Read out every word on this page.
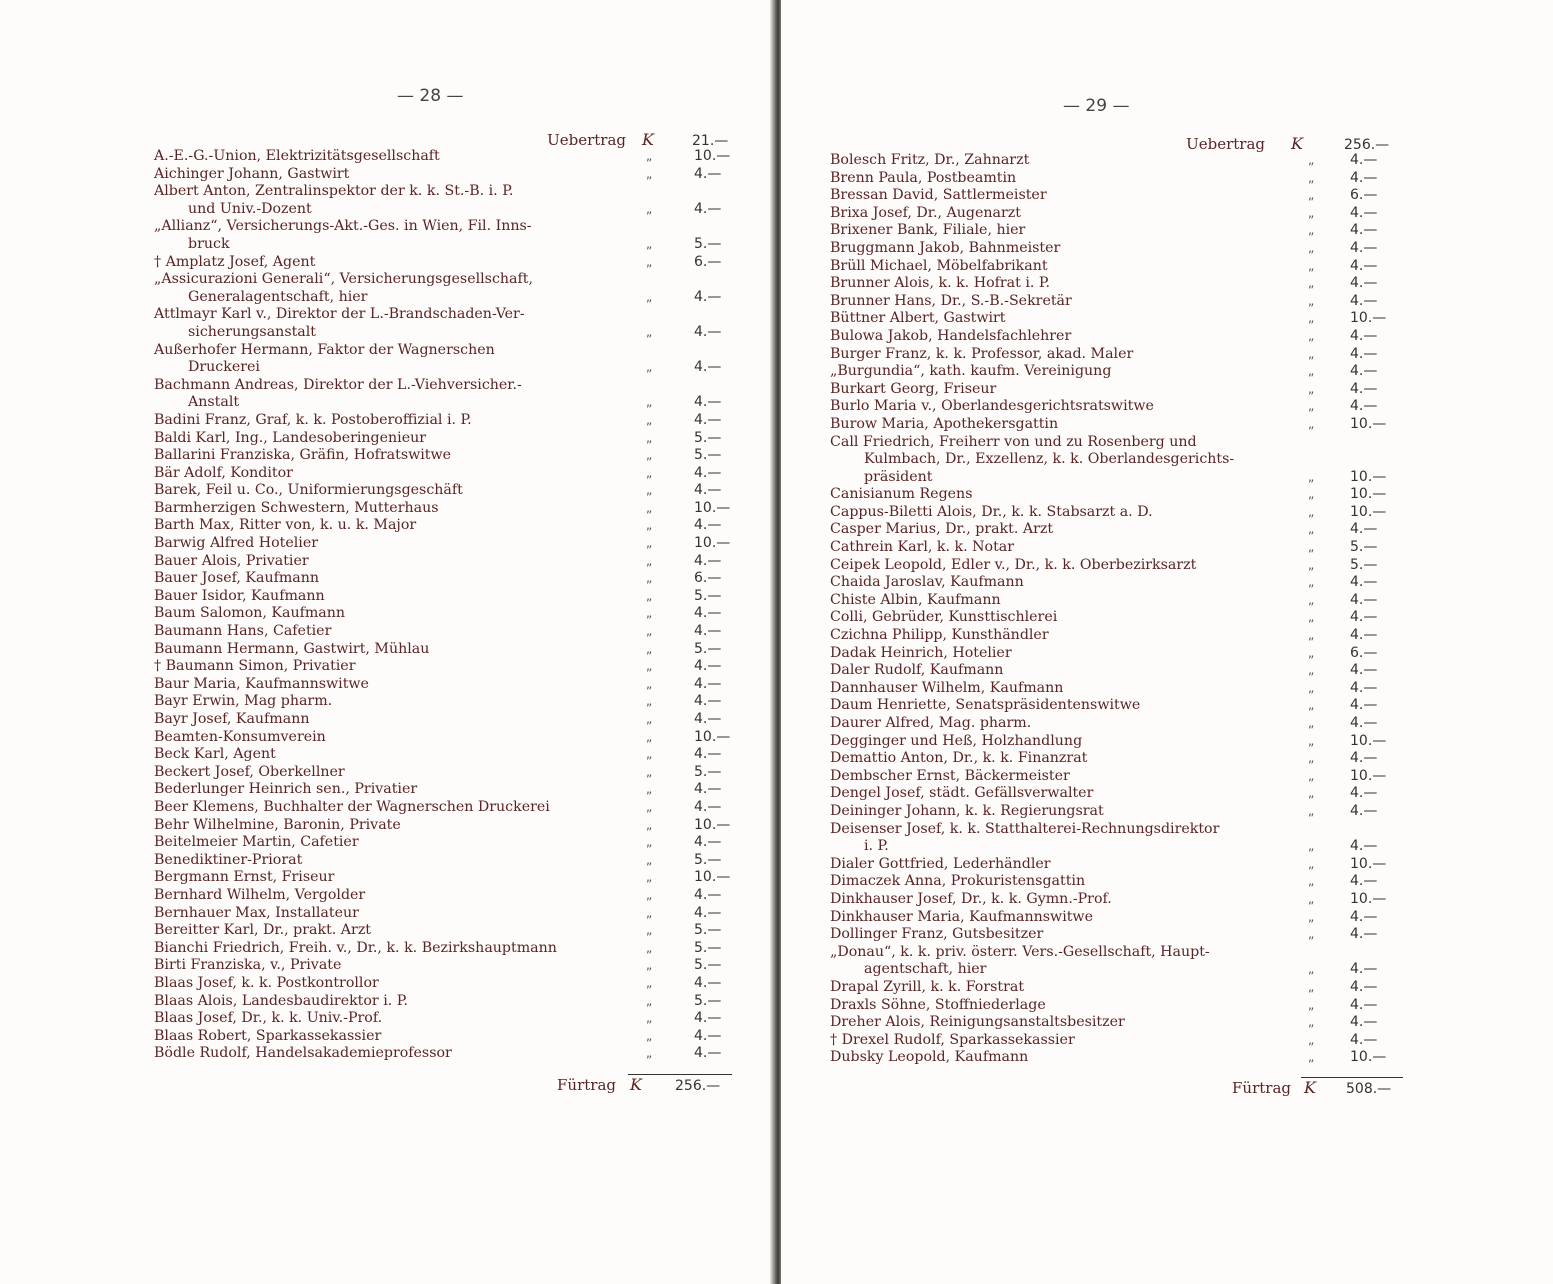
— 28 —
Uebertrag K	21.—
A.-E.-G.-Union, Elektrizitätsgesellschaft	„	10.—
Aichinger Johann, Gastwirt	„	4.—
Albert Anton, Zentralinspektor der k. k. St.-B. i. P.
und Univ.-Dozent	„	4.—
„Allianz“, Versicherungs-Akt.-Ges. in Wien, Fil. Inns-
bruck	„	5.—
† Amplatz Josef, Agent	„	6.—
„Assicurazioni Generali“, Versicherungsgesellschaft,
Generalagentschaft, hier	„	4.—
Attlmayr Karl v., Direktor der L.-Brandschaden-Ver-
sicherungsanstalt	„	4.—
Außerhofer Hermann, Faktor der Wagnerschen
Druckerei	„	4.—
Bachmann Andreas, Direktor der L.-Viehversicher.-
Anstalt	„	4.—
Badini Franz, Graf, k. k. Postoberoffizial i. P.	„	4.—
Baldi Karl, Ing., Landesoberingenieur	„	5.—
Ballarini Franziska, Gräfin, Hofratswitwe	„	5.—
Bär Adolf, Konditor	„	4.—
Barek, Feil u. Co., Uniformierungsgeschäft	„	4.—
Barmherzigen Schwestern, Mutterhaus	„	10.—
Barth Max, Ritter von, k. u. k. Major	„	4.—
Barwig Alfred Hotelier	„	10.—
Bauer Alois, Privatier	„	4.—
Bauer Josef, Kaufmann	„	6.—
Bauer Isidor, Kaufmann	„	5.—
Baum Salomon, Kaufmann	„	4.—
Baumann Hans, Cafetier	„	4.—
Baumann Hermann, Gastwirt, Mühlau	„	5.—
† Baumann Simon, Privatier	„	4.—
Baur Maria, Kaufmannswitwe	„	4.—
Bayr Erwin, Mag pharm.	„	4.—
Bayr Josef, Kaufmann	„	4.—
Beamten-Konsumverein	„	10.—
Beck Karl, Agent	„	4.—
Beckert Josef, Oberkellner	„	5.—
Bederlunger Heinrich sen., Privatier	„	4.—
Beer Klemens, Buchhalter der Wagnerschen Druckerei	„	4.—
Behr Wilhelmine, Baronin, Private	„	10.—
Beitelmeier Martin, Cafetier	„	4.—
Benediktiner-Priorat	„	5.—
Bergmann Ernst, Friseur	„	10.—
Bernhard Wilhelm, Vergolder	„	4.—
Bernhauer Max, Installateur	„	4.—
Bereitter Karl, Dr., prakt. Arzt	„	5.—
Bianchi Friedrich, Freih. v., Dr., k. k. Bezirkshauptmann	„	5.—
Birti Franziska, v., Private	„	5.—
Blaas Josef, k. k. Postkontrollor	„	4.—
Blaas Alois, Landesbaudirektor i. P.	„	5.—
Blaas Josef, Dr., k. k. Univ.-Prof.	„	4.—
Blaas Robert, Sparkassekassier	„	4.—
Bödle Rudolf, Handelsakademieprofessor	„	4.—
Fürtrag K 256.—
— 29 —
Uebertrag K	256.—
Bolesch Fritz, Dr., Zahnarzt	„	4.—
Brenn Paula, Postbeamtin	„	4.—
Bressan David, Sattlermeister	„	6.—
Brixa Josef, Dr., Augenarzt	„	4.—
Brixener Bank, Filiale, hier	„	4.—
Bruggmann Jakob, Bahnmeister	„	4.—
Brüll Michael, Möbelfabrikant	„	4.—
Brunner Alois, k. k. Hofrat i. P.	„	4.—
Brunner Hans, Dr., S.-B.-Sekretär	„	4.—
Büttner Albert, Gastwirt	„	10.—
Bulowa Jakob, Handelsfachlehrer	„	4.—
Burger Franz, k. k. Professor, akad. Maler	„	4.—
„Burgundia“, kath. kaufm. Vereinigung	„	4.—
Burkart Georg, Friseur	„	4.—
Burlo Maria v., Oberlandesgerichtsratswitwe	„	4.—
Burow Maria, Apothekersgattin	„	10.—
Call Friedrich, Freiherr von und zu Rosenberg und
Kulmbach, Dr., Exzellenz, k. k. Oberlandesgerichts-
präsident	„	10.—
Canisianum Regens	„	10.—
Cappus-Biletti Alois, Dr., k. k. Stabsarzt a. D.	„	10.—
Casper Marius, Dr., prakt. Arzt	„	4.—
Cathrein Karl, k. k. Notar	„	5.—
Ceipek Leopold, Edler v., Dr., k. k. Oberbezirksarzt	„	5.—
Chaida Jaroslav, Kaufmann	„	4.—
Chiste Albin, Kaufmann	„	4.—
Colli, Gebrüder, Kunsttischlerei	„	4.—
Czichna Philipp, Kunsthändler	„	4.—
Dadak Heinrich, Hotelier	„	6.—
Daler Rudolf, Kaufmann	„	4.—
Dannhauser Wilhelm, Kaufmann	„	4.—
Daum Henriette, Senatspräsidentenswitwe	„	4.—
Daurer Alfred, Mag. pharm.	„	4.—
Degginger und Heß, Holzhandlung	„	10.—
Demattio Anton, Dr., k. k. Finanzrat	„	4.—
Dembscher Ernst, Bäckermeister	„	10.—
Dengel Josef, städt. Gefällsverwalter	„	4.—
Deininger Johann, k. k. Regierungsrat	„	4.—
Deisenser Josef, k. k. Statthalterei-Rechnungsdirektor
i. P.	„	4.—
Dialer Gottfried, Lederhändler	„	10.—
Dimaczek Anna, Prokuristensgattin	„	4.—
Dinkhauser Josef, Dr., k. k. Gymn.-Prof.	„	10.—
Dinkhauser Maria, Kaufmannswitwe	„	4.—
Dollinger Franz, Gutsbesitzer	„	4.—
„Donau“, k. k. priv. österr. Vers.-Gesellschaft, Haupt-
agentschaft, hier	„	4.—
Drapal Zyrill, k. k. Forstrat	„	4.—
Draxls Söhne, Stoffniederlage	„	4.—
Dreher Alois, Reinigungsanstaltsbesitzer	„	4.—
† Drexel Rudolf, Sparkassekassier	„	4.—
Dubsky Leopold, Kaufmann	„	10.—
Fürtrag K 508.—
